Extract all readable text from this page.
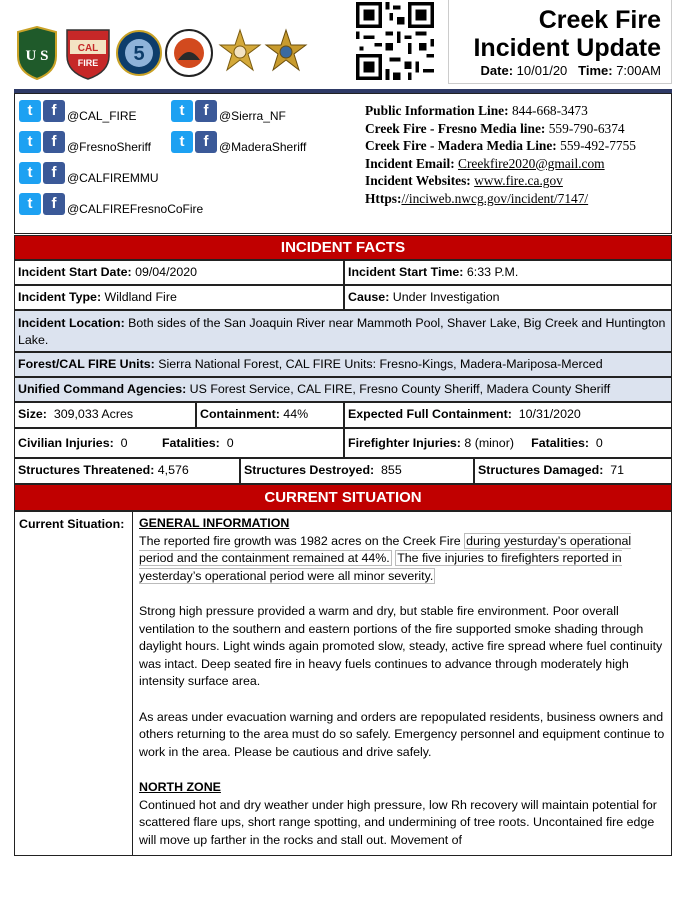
U S	CAL
FIRE 5
Creek Fire
Incident Update
Date: 10/01/20 Time: 7:00AM
t	f @CAL_FIRE	t	f @Sierra_NF
t	f @FresnoSheriff	t	f @MaderaSheriff
t	f @CALFIREMMU
t	f @CALFIREFresnoCoFire
Public Information Line: 844-668-3473
Creek Fire - Fresno Media line: 559-790-6374
Creek Fire - Madera Media Line: 559-492-7755
Incident Email: Creekfire2020@gmail.com
Incident Websites: www.fire.ca.gov
Https://inciweb.nwcg.gov/incident/7147/
INCIDENT FACTS
Incident Start Date: 09/04/2020	Incident Start Time: 6:33 P.M.
Incident Type: Wildland Fire	Cause: Under Investigation
Incident Location: Both sides of the San Joaquin River near Mammoth Pool, Shaver Lake, Big Creek and Huntington Lake.
Forest/CAL FIRE Units: Sierra National Forest, CAL FIRE Units: Fresno-Kings, Madera-Mariposa-Merced
Unified Command Agencies: US Forest Service, CAL FIRE, Fresno County Sheriff, Madera County Sheriff
Size: 309,033 Acres	Containment: 44%	Expected Full Containment: 10/31/2020
Civilian Injuries: 0	Fatalities: 0	Firefighter Injuries: 8 (minor) Fatalities: 0
Structures Threatened: 4,576	Structures Destroyed: 855	Structures Damaged: 71
CURRENT SITUATION
Current Situation:	GENERAL INFORMATION

The reported fire growth was 1982 acres on the Creek Fire during yesturday’s operational period and the containment remained at 44%. The five injuries to firefighters reported in yesterday’s operational period were all minor severity.

Strong high pressure provided a warm and dry, but stable fire environment. Poor overall ventilation to the southern and eastern portions of the fire supported smoke shading through daylight hours. Light winds again promoted slow, steady, active fire spread where fuel continuity was intact. Deep seated fire in heavy fuels continues to advance through moderately high intensity surface area.

As areas under evacuation warning and orders are repopulated residents, business owners and others returning to the area must do so safely. Emergency personnel and equipment continue to work in the area. Please be cautious and drive safely.

NORTH ZONE

Continued hot and dry weather under high pressure, low Rh recovery will maintain potential for scattered flare ups, short range spotting, and undermining of tree roots. Uncontained fire edge will move up farther in the rocks and stall out. Movement of
